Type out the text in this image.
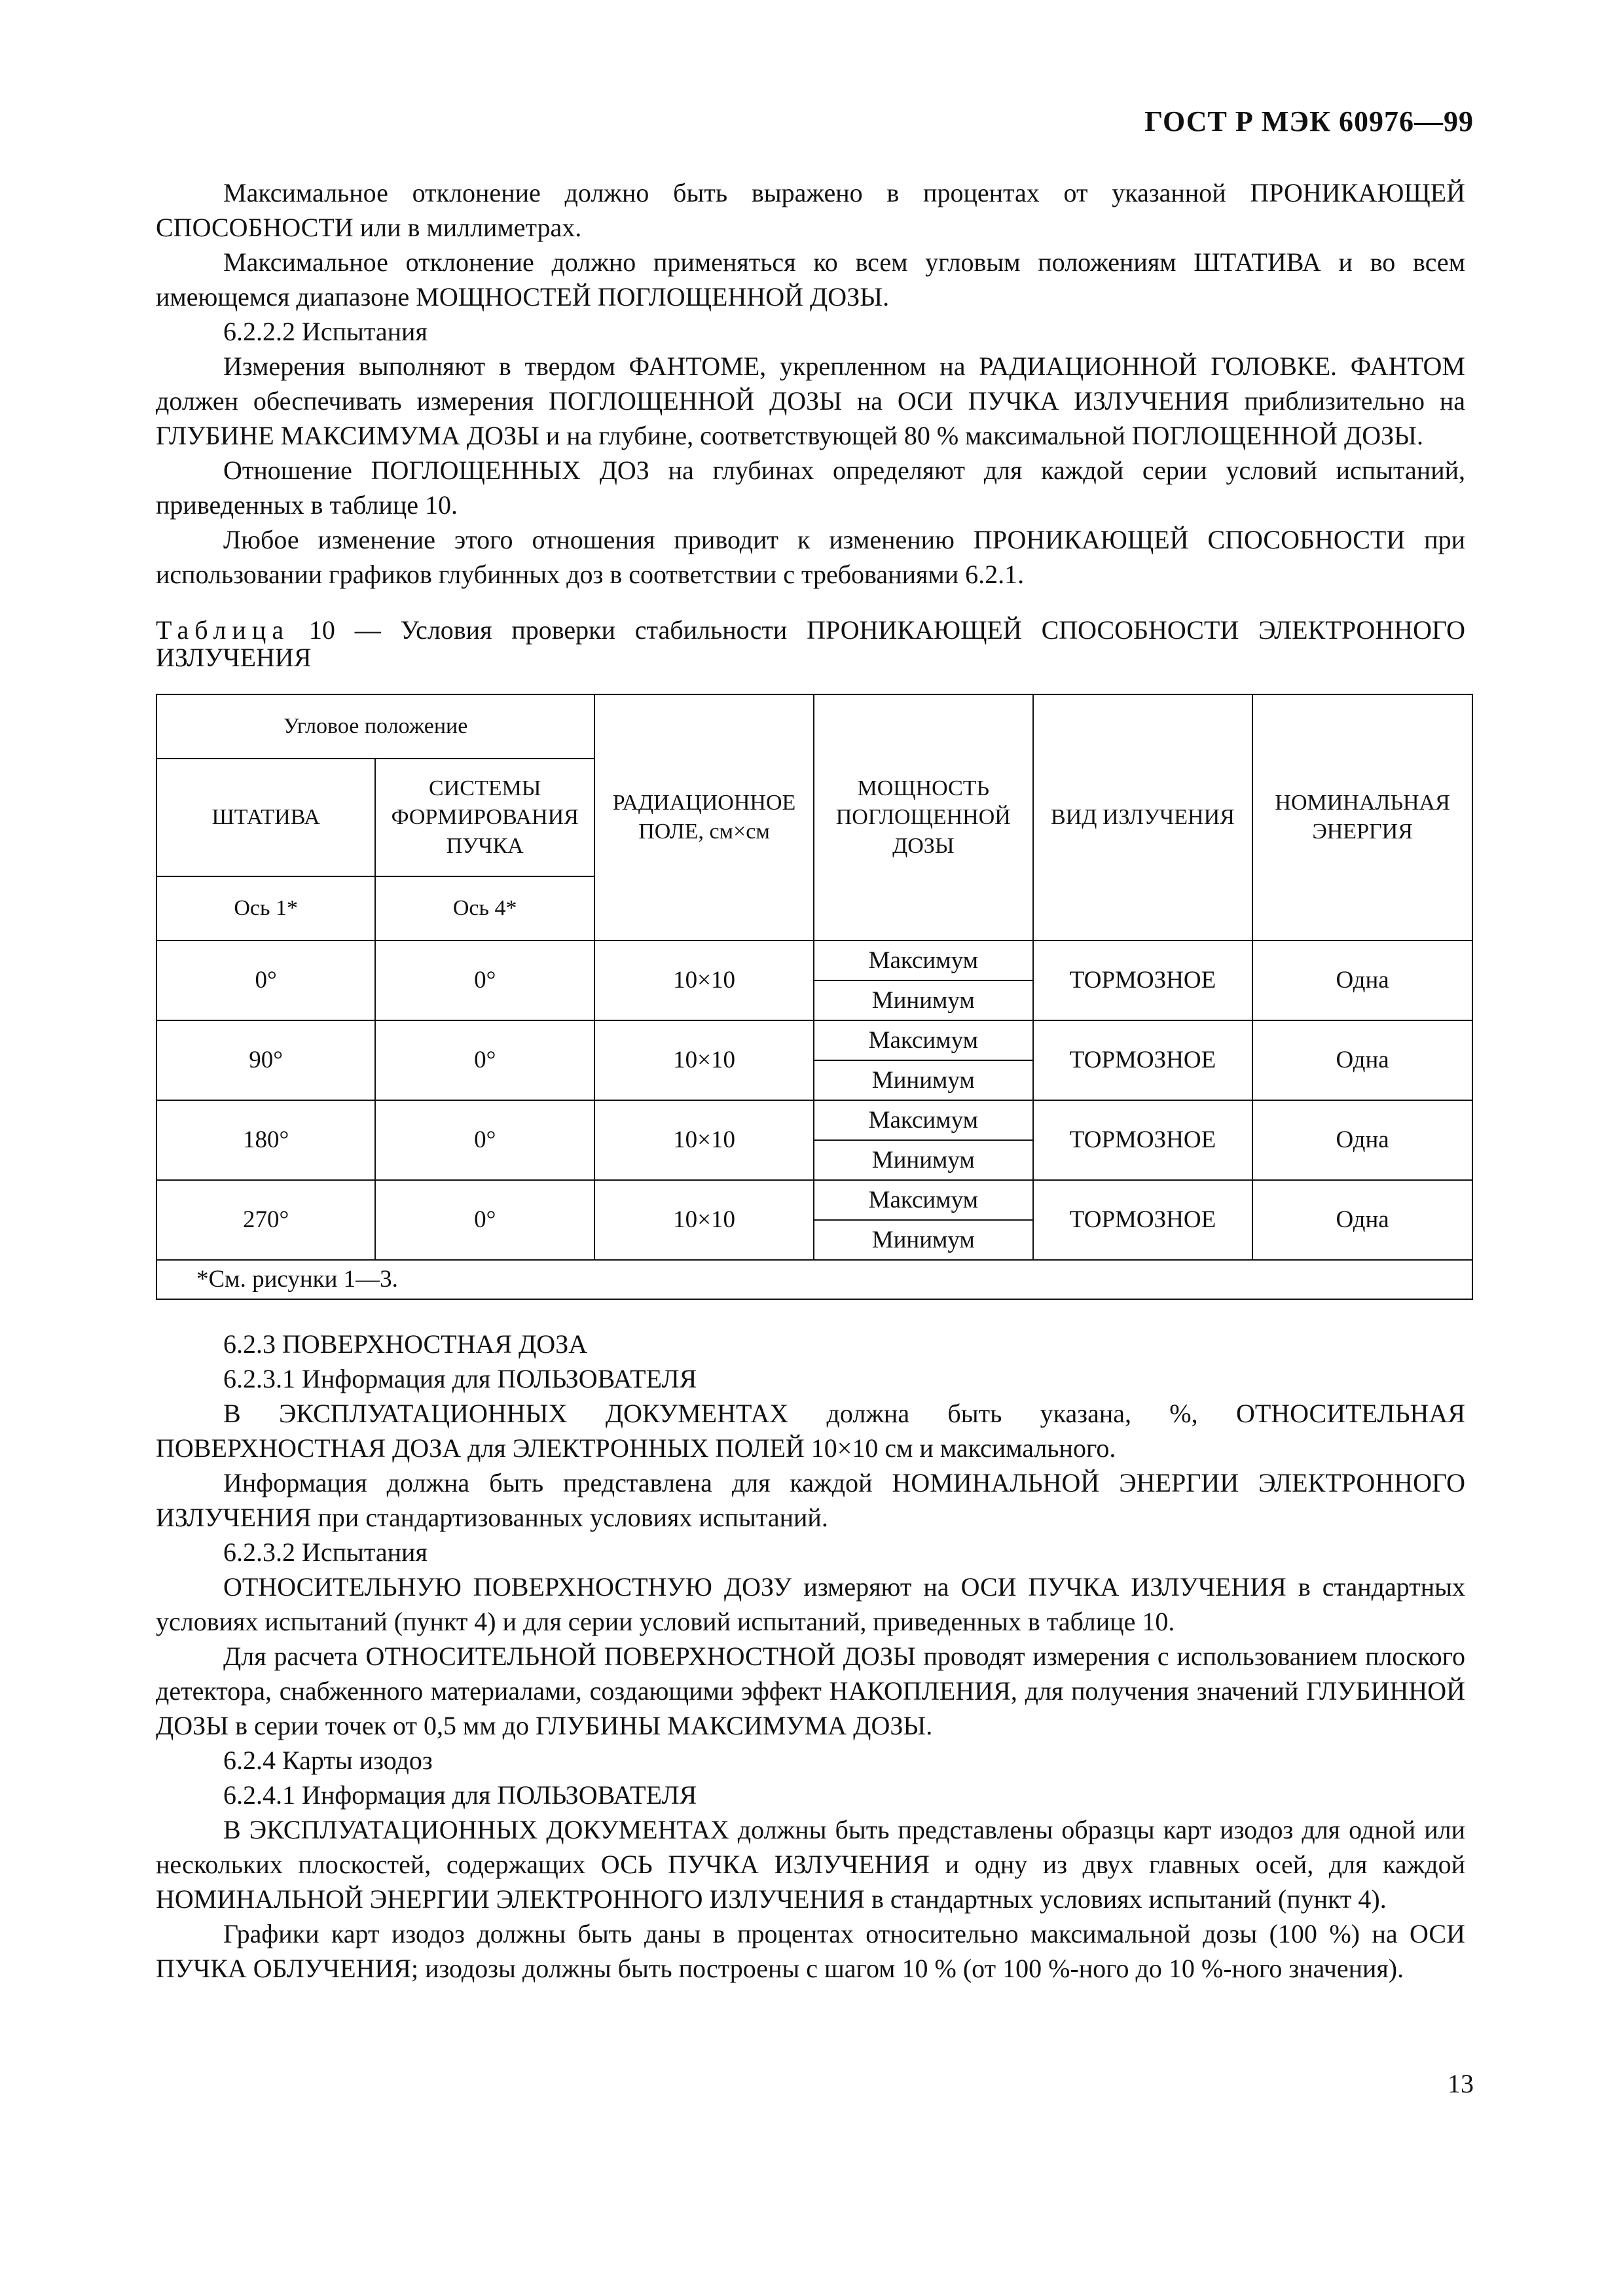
ГОСТ Р МЭК 60976—99

Максимальное отклонение должно быть выражено в процентах от указанной ПРОНИКАЮЩЕЙ СПОСОБНОСТИ или в миллиметрах.

Максимальное отклонение должно применяться ко всем угловым положениям ШТАТИВА и во всем имеющемся диапазоне МОЩНОСТЕЙ ПОГЛОЩЕННОЙ ДОЗЫ.

6.2.2.2 Испытания

Измерения выполняют в твердом ФАНТОМЕ, укрепленном на РАДИАЦИОННОЙ ГОЛОВКЕ. ФАНТОМ должен обеспечивать измерения ПОГЛОЩЕННОЙ ДОЗЫ на ОСИ ПУЧКА ИЗЛУЧЕНИЯ приблизительно на ГЛУБИНЕ МАКСИМУМА ДОЗЫ и на глубине, соответствующей 80 % максимальной ПОГЛОЩЕННОЙ ДОЗЫ.

Отношение ПОГЛОЩЕННЫХ ДОЗ на глубинах определяют для каждой серии условий испытаний, приведенных в таблице 10.

Любое изменение этого отношения приводит к изменению ПРОНИКАЮЩЕЙ СПОСОБНОСТИ при использовании графиков глубинных доз в соответствии с требованиями 6.2.1.

Таблица 10 — Условия проверки стабильности ПРОНИКАЮЩЕЙ СПОСОБНОСТИ ЭЛЕКТРОННОГО ИЗЛУЧЕНИЯ
Угловое положение		РАДИАЦИОННОЕ ПОЛЕ, см×см	МОЩНОСТЬ ПОГЛОЩЕННОЙ ДОЗЫ	ВИД ИЗЛУЧЕНИЯ	НОМИНАЛЬНАЯ ЭНЕРГИЯ
ШТАТИВА	СИСТЕМЫ ФОРМИРОВАНИЯ ПУЧКА				
Ось 1*	Ось 4*				
0°	0°	10×10	Максимум	ТОРМОЗНОЕ	Одна
			Минимум		
90°	0°	10×10	Максимум	ТОРМОЗНОЕ	Одна
			Минимум		
180°	0°	10×10	Максимум	ТОРМОЗНОЕ	Одна
			Минимум		
270°	0°	10×10	Максимум	ТОРМОЗНОЕ	Одна
			Минимум		
*См. рисунки 1—3.					

6.2.3 ПОВЕРХНОСТНАЯ ДОЗА

6.2.3.1 Информация для ПОЛЬЗОВАТЕЛЯ

В ЭКСПЛУАТАЦИОННЫХ ДОКУМЕНТАХ должна быть указана, %, ОТНОСИТЕЛЬНАЯ ПОВЕРХНОСТНАЯ ДОЗА для ЭЛЕКТРОННЫХ ПОЛЕЙ 10×10 см и максимального.

Информация должна быть представлена для каждой НОМИНАЛЬНОЙ ЭНЕРГИИ ЭЛЕКТРОННОГО ИЗЛУЧЕНИЯ при стандартизованных условиях испытаний.

6.2.3.2 Испытания

ОТНОСИТЕЛЬНУЮ ПОВЕРХНОСТНУЮ ДОЗУ измеряют на ОСИ ПУЧКА ИЗЛУЧЕНИЯ в стандартных условиях испытаний (пункт 4) и для серии условий испытаний, приведенных в таблице 10.

Для расчета ОТНОСИТЕЛЬНОЙ ПОВЕРХНОСТНОЙ ДОЗЫ проводят измерения с использованием плоского детектора, снабженного материалами, создающими эффект НАКОПЛЕНИЯ, для получения значений ГЛУБИННОЙ ДОЗЫ в серии точек от 0,5 мм до ГЛУБИНЫ МАКСИМУМА ДОЗЫ.

6.2.4 Карты изодоз

6.2.4.1 Информация для ПОЛЬЗОВАТЕЛЯ

В ЭКСПЛУАТАЦИОННЫХ ДОКУМЕНТАХ должны быть представлены образцы карт изодоз для одной или нескольких плоскостей, содержащих ОСЬ ПУЧКА ИЗЛУЧЕНИЯ и одну из двух главных осей, для каждой НОМИНАЛЬНОЙ ЭНЕРГИИ ЭЛЕКТРОННОГО ИЗЛУЧЕНИЯ в стандартных условиях испытаний (пункт 4).

Графики карт изодоз должны быть даны в процентах относительно максимальной дозы (100 %) на ОСИ ПУЧКА ОБЛУЧЕНИЯ; изодозы должны быть построены с шагом 10 % (от 100 %-ного до 10 %-ного значения).

13
